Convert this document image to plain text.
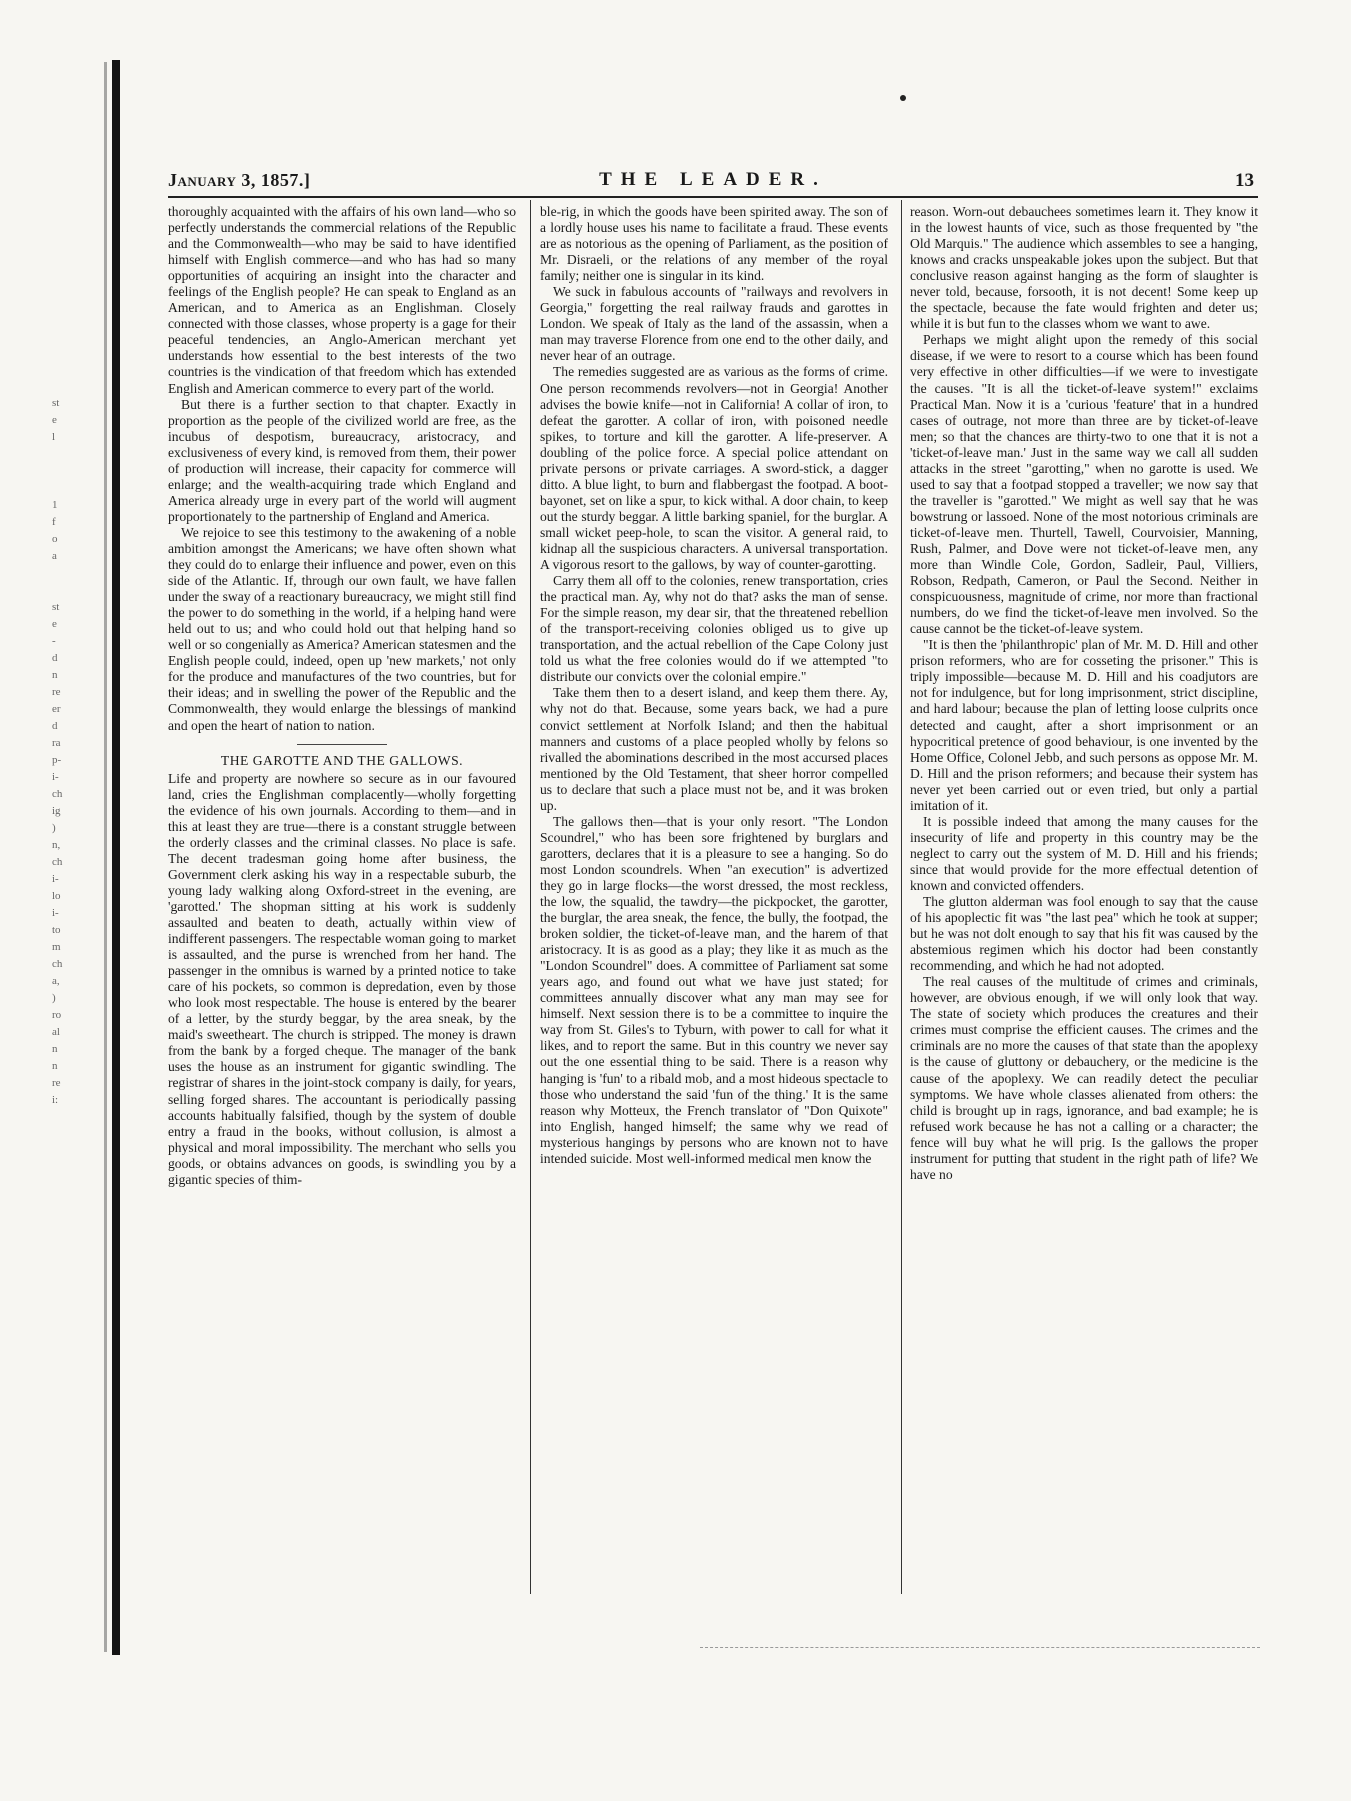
st
e
l

1
f
o
a

st
e
-
d
n
re
er
d
ra
p-
i-
ch
ig
)
n,
ch
i-
lo
i-
to
m
ch
a,
)
ro
al
n
n
re
i:
January 3, 1857.]	THE LEADER.	13

thoroughly acquainted with the affairs of his own land—who so perfectly understands the commercial relations of the Republic and the Commonwealth—who may be said to have identified himself with English commerce—and who has had so many opportunities of acquiring an insight into the character and feelings of the English people? He can speak to England as an American, and to America as an Englishman. Closely connected with those classes, whose property is a gage for their peaceful tendencies, an Anglo-American merchant yet understands how essential to the best interests of the two countries is the vindication of that freedom which has extended English and American commerce to every part of the world.

But there is a further section to that chapter. Exactly in proportion as the people of the civilized world are free, as the incubus of despotism, bureaucracy, aristocracy, and exclusiveness of every kind, is removed from them, their power of production will increase, their capacity for commerce will enlarge; and the wealth-acquiring trade which England and America already urge in every part of the world will augment proportionately to the partnership of England and America.

We rejoice to see this testimony to the awakening of a noble ambition amongst the Americans; we have often shown what they could do to enlarge their influence and power, even on this side of the Atlantic. If, through our own fault, we have fallen under the sway of a reactionary bureaucracy, we might still find the power to do something in the world, if a helping hand were held out to us; and who could hold out that helping hand so well or so congenially as America? American statesmen and the English people could, indeed, open up 'new markets,' not only for the produce and manufactures of the two countries, but for their ideas; and in swelling the power of the Republic and the Commonwealth, they would enlarge the blessings of mankind and open the heart of nation to nation.

THE GAROTTE AND THE GALLOWS.

Life and property are nowhere so secure as in our favoured land, cries the Englishman complacently—wholly forgetting the evidence of his own journals. According to them—and in this at least they are true—there is a constant struggle between the orderly classes and the criminal classes. No place is safe. The decent tradesman going home after business, the Government clerk asking his way in a respectable suburb, the young lady walking along Oxford-street in the evening, are 'garotted.' The shopman sitting at his work is suddenly assaulted and beaten to death, actually within view of indifferent passengers. The respectable woman going to market is assaulted, and the purse is wrenched from her hand. The passenger in the omnibus is warned by a printed notice to take care of his pockets, so common is depredation, even by those who look most respectable. The house is entered by the bearer of a letter, by the sturdy beggar, by the area sneak, by the maid's sweetheart. The church is stripped. The money is drawn from the bank by a forged cheque. The manager of the bank uses the house as an instrument for gigantic swindling. The registrar of shares in the joint-stock company is daily, for years, selling forged shares. The accountant is periodically passing accounts habitually falsified, though by the system of double entry a fraud in the books, without collusion, is almost a physical and moral impossibility. The merchant who sells you goods, or obtains advances on goods, is swindling you by a gigantic species of thim-

ble-rig, in which the goods have been spirited away. The son of a lordly house uses his name to facilitate a fraud. These events are as notorious as the opening of Parliament, as the position of Mr. Disraeli, or the relations of any member of the royal family; neither one is singular in its kind.

We suck in fabulous accounts of "railways and revolvers in Georgia," forgetting the real railway frauds and garottes in London. We speak of Italy as the land of the assassin, when a man may traverse Florence from one end to the other daily, and never hear of an outrage.

The remedies suggested are as various as the forms of crime. One person recommends revolvers—not in Georgia! Another advises the bowie knife—not in California! A collar of iron, to defeat the garotter. A collar of iron, with poisoned needle spikes, to torture and kill the garotter. A life-preserver. A doubling of the police force. A special police attendant on private persons or private carriages. A sword-stick, a dagger ditto. A blue light, to burn and flabbergast the footpad. A boot-bayonet, set on like a spur, to kick withal. A door chain, to keep out the sturdy beggar. A little barking spaniel, for the burglar. A small wicket peep-hole, to scan the visitor. A general raid, to kidnap all the suspicious characters. A universal transportation. A vigorous resort to the gallows, by way of counter-garotting.

Carry them all off to the colonies, renew transportation, cries the practical man. Ay, why not do that? asks the man of sense. For the simple reason, my dear sir, that the threatened rebellion of the transport-receiving colonies obliged us to give up transportation, and the actual rebellion of the Cape Colony just told us what the free colonies would do if we attempted "to distribute our convicts over the colonial empire."

Take them then to a desert island, and keep them there. Ay, why not do that. Because, some years back, we had a pure convict settlement at Norfolk Island; and then the habitual manners and customs of a place peopled wholly by felons so rivalled the abominations described in the most accursed places mentioned by the Old Testament, that sheer horror compelled us to declare that such a place must not be, and it was broken up.

The gallows then—that is your only resort. "The London Scoundrel," who has been sore frightened by burglars and garotters, declares that it is a pleasure to see a hanging. So do most London scoundrels. When "an execution" is advertized they go in large flocks—the worst dressed, the most reckless, the low, the squalid, the tawdry—the pickpocket, the garotter, the burglar, the area sneak, the fence, the bully, the footpad, the broken soldier, the ticket-of-leave man, and the harem of that aristocracy. It is as good as a play; they like it as much as the "London Scoundrel" does. A committee of Parliament sat some years ago, and found out what we have just stated; for committees annually discover what any man may see for himself. Next session there is to be a committee to inquire the way from St. Giles's to Tyburn, with power to call for what it likes, and to report the same. But in this country we never say out the one essential thing to be said. There is a reason why hanging is 'fun' to a ribald mob, and a most hideous spectacle to those who understand the said 'fun of the thing.' It is the same reason why Motteux, the French translator of "Don Quixote" into English, hanged himself; the same why we read of mysterious hangings by persons who are known not to have intended suicide. Most well-informed medical men know the

reason. Worn-out debauchees sometimes learn it. They know it in the lowest haunts of vice, such as those frequented by "the Old Marquis." The audience which assembles to see a hanging, knows and cracks unspeakable jokes upon the subject. But that conclusive reason against hanging as the form of slaughter is never told, because, forsooth, it is not decent! Some keep up the spectacle, because the fate would frighten and deter us; while it is but fun to the classes whom we want to awe.

Perhaps we might alight upon the remedy of this social disease, if we were to resort to a course which has been found very effective in other difficulties—if we were to investigate the causes. "It is all the ticket-of-leave system!" exclaims Practical Man. Now it is a 'curious 'feature' that in a hundred cases of outrage, not more than three are by ticket-of-leave men; so that the chances are thirty-two to one that it is not a 'ticket-of-leave man.' Just in the same way we call all sudden attacks in the street "garotting," when no garotte is used. We used to say that a footpad stopped a traveller; we now say that the traveller is "garotted." We might as well say that he was bowstrung or lassoed. None of the most notorious criminals are ticket-of-leave men. Thurtell, Tawell, Courvoisier, Manning, Rush, Palmer, and Dove were not ticket-of-leave men, any more than Windle Cole, Gordon, Sadleir, Paul, Villiers, Robson, Redpath, Cameron, or Paul the Second. Neither in conspicuousness, magnitude of crime, nor more than fractional numbers, do we find the ticket-of-leave men involved. So the cause cannot be the ticket-of-leave system.

"It is then the 'philanthropic' plan of Mr. M. D. Hill and other prison reformers, who are for cosseting the prisoner." This is triply impossible—because M. D. Hill and his coadjutors are not for indulgence, but for long imprisonment, strict discipline, and hard labour; because the plan of letting loose culprits once detected and caught, after a short imprisonment or an hypocritical pretence of good behaviour, is one invented by the Home Office, Colonel Jebb, and such persons as oppose Mr. M. D. Hill and the prison reformers; and because their system has never yet been carried out or even tried, but only a partial imitation of it.

It is possible indeed that among the many causes for the insecurity of life and property in this country may be the neglect to carry out the system of M. D. Hill and his friends; since that would provide for the more effectual detention of known and convicted offenders.

The glutton alderman was fool enough to say that the cause of his apoplectic fit was "the last pea" which he took at supper; but he was not dolt enough to say that his fit was caused by the abstemious regimen which his doctor had been constantly recommending, and which he had not adopted.

The real causes of the multitude of crimes and criminals, however, are obvious enough, if we will only look that way. The state of society which produces the creatures and their crimes must comprise the efficient causes. The crimes and the criminals are no more the causes of that state than the apoplexy is the cause of gluttony or debauchery, or the medicine is the cause of the apoplexy. We can readily detect the peculiar symptoms. We have whole classes alienated from others: the child is brought up in rags, ignorance, and bad example; he is refused work because he has not a calling or a character; the fence will buy what he will prig. Is the gallows the proper instrument for putting that student in the right path of life? We have no
